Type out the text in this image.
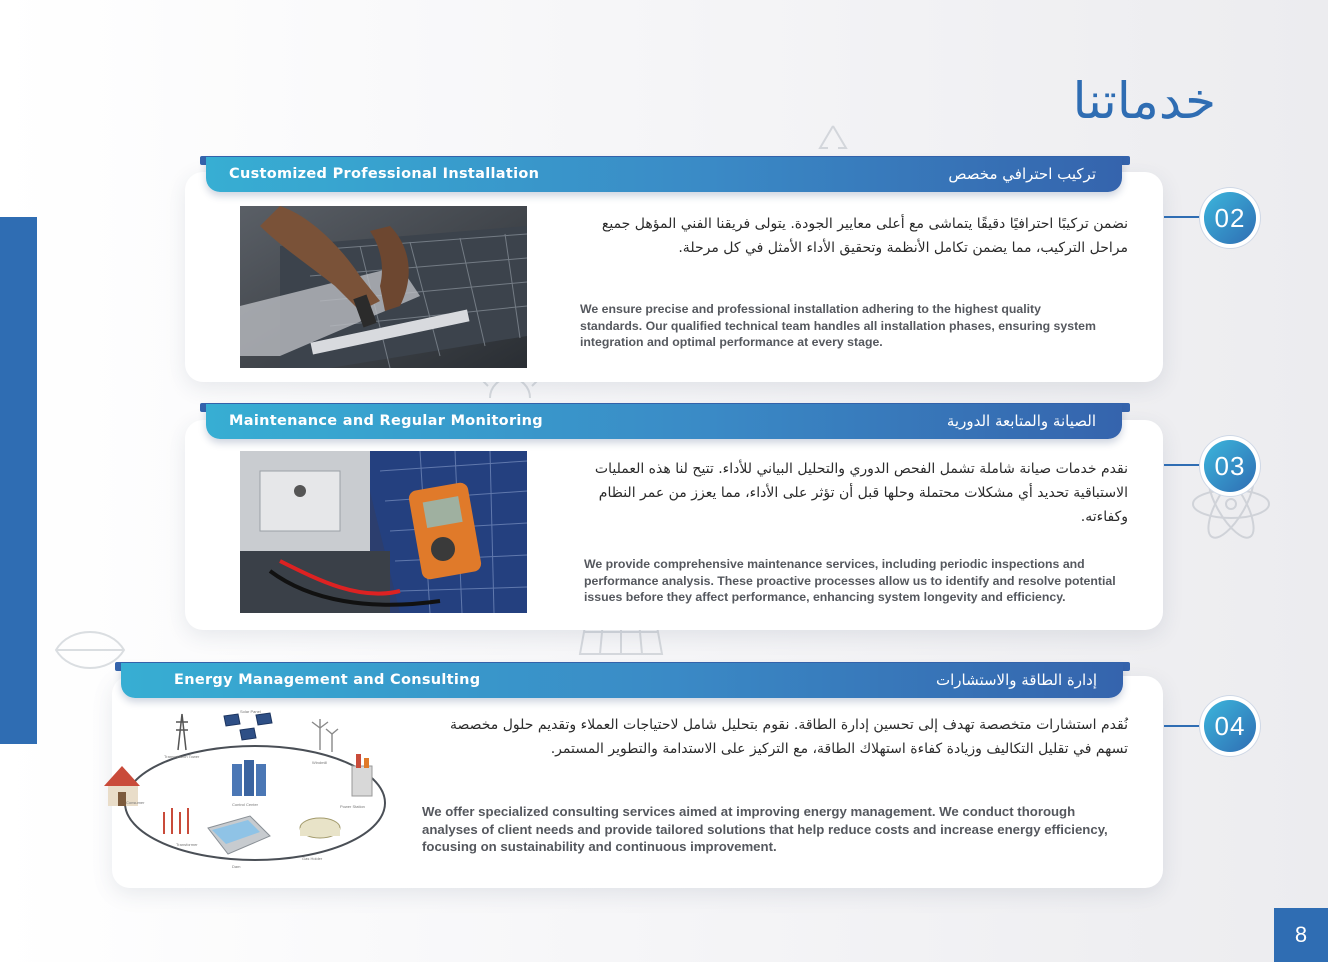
خدماتنا
Customized Professional Installation	تركيب احترافي مخصص
نضمن تركيبًا احترافيًا دقيقًا يتماشى مع أعلى معايير الجودة. يتولى فريقنا الفني المؤهل جميع مراحل التركيب، مما يضمن تكامل الأنظمة وتحقيق الأداء الأمثل في كل مرحلة.
We ensure precise and professional installation adhering to the highest quality standards. Our qualified technical team handles all installation phases, ensuring system integration and optimal performance at every stage.
02
Maintenance and Regular Monitoring	الصيانة والمتابعة الدورية
نقدم خدمات صيانة شاملة تشمل الفحص الدوري والتحليل البياني للأداء. تتيح لنا هذه العمليات الاستباقية تحديد أي مشكلات محتملة وحلها قبل أن تؤثر على الأداء، مما يعزز من عمر النظام وكفاءته.
We provide comprehensive maintenance services, including periodic inspections and performance analysis. These proactive processes allow us to identify and resolve potential issues before they affect performance, enhancing system longevity and efficiency.
03
Energy Management and Consulting	إدارة الطاقة والاستشارات
Solar Panel
Transmission Tower
Windmill
Consumer	Control Center	Power Station
Transformer
Dam
Gas Holder
نُقدم استشارات متخصصة تهدف إلى تحسين إدارة الطاقة. نقوم بتحليل شامل لاحتياجات العملاء وتقديم حلول مخصصة تسهم في تقليل التكاليف وزيادة كفاءة استهلاك الطاقة، مع التركيز على الاستدامة والتطوير المستمر.
We offer specialized consulting services aimed at improving energy management. We conduct thorough analyses of client needs and provide tailored solutions that help reduce costs and increase energy efficiency, focusing on sustainability and continuous improvement.
04
8
